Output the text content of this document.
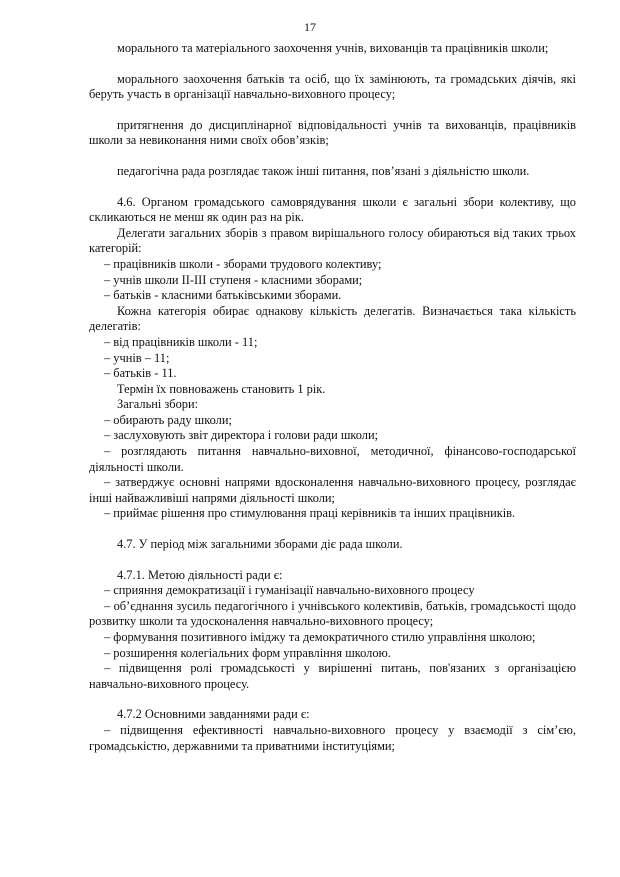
17

морального та матеріального заохочення учнів, вихованців та працівників школи;

морального заохочення батьків та осіб, що їх замінюють, та громадських діячів, які беруть участь в організації навчально-виховного процесу;

притягнення до дисциплінарної відповідальності учнів та вихованців, працівників школи за невиконання ними своїх обов’язків;

педагогічна рада розглядає також інші питання, пов’язані з діяльністю школи.

4.6. Органом громадського самоврядування школи є загальні збори колективу, що скликаються не менш як один раз на рік.

Делегати загальних зборів з правом вирішального голосу обираються від таких трьох категорій:

– працівників школи - зборами трудового колективу;

– учнів школи ІІ-ІІІ ступеня - класними зборами;

– батьків - класними батьківськими зборами.

Кожна категорія обирає однакову кількість делегатів. Визначається така кількість делегатів:

– від працівників школи - 11;

– учнів – 11;

– батьків - 11.

Термін їх повноважень становить 1 рік.

Загальні збори:

– обирають раду школи;

– заслуховують звіт директора і голови ради школи;

– розглядають питання навчально-виховної, методичної, фінансово-господарської діяльності школи.

– затверджує основні напрями вдосконалення навчально-виховного процесу, розглядає інші найважливіші напрями діяльності школи;

– приймає рішення про стимулювання праці керівників та інших працівників.

4.7. У період між загальними зборами діє рада школи.

4.7.1. Метою діяльності ради є:

– сприяння демократизації і гуманізації навчально-виховного процесу

– об’єднання зусиль педагогічного і учнівського колективів, батьків, громадськості щодо розвитку школи та удосконалення навчально-виховного процесу;

– формування позитивного іміджу та демократичного стилю управління школою;

– розширення колегіальних форм управління школою.

– підвищення ролі громадськості у вирішенні питань, пов'язаних з організацією навчально-виховного процесу.

4.7.2 Основними завданнями ради є:

– підвищення ефективності навчально-виховного процесу у взаємодії з сім’єю, громадськістю, державними та приватними інституціями;
